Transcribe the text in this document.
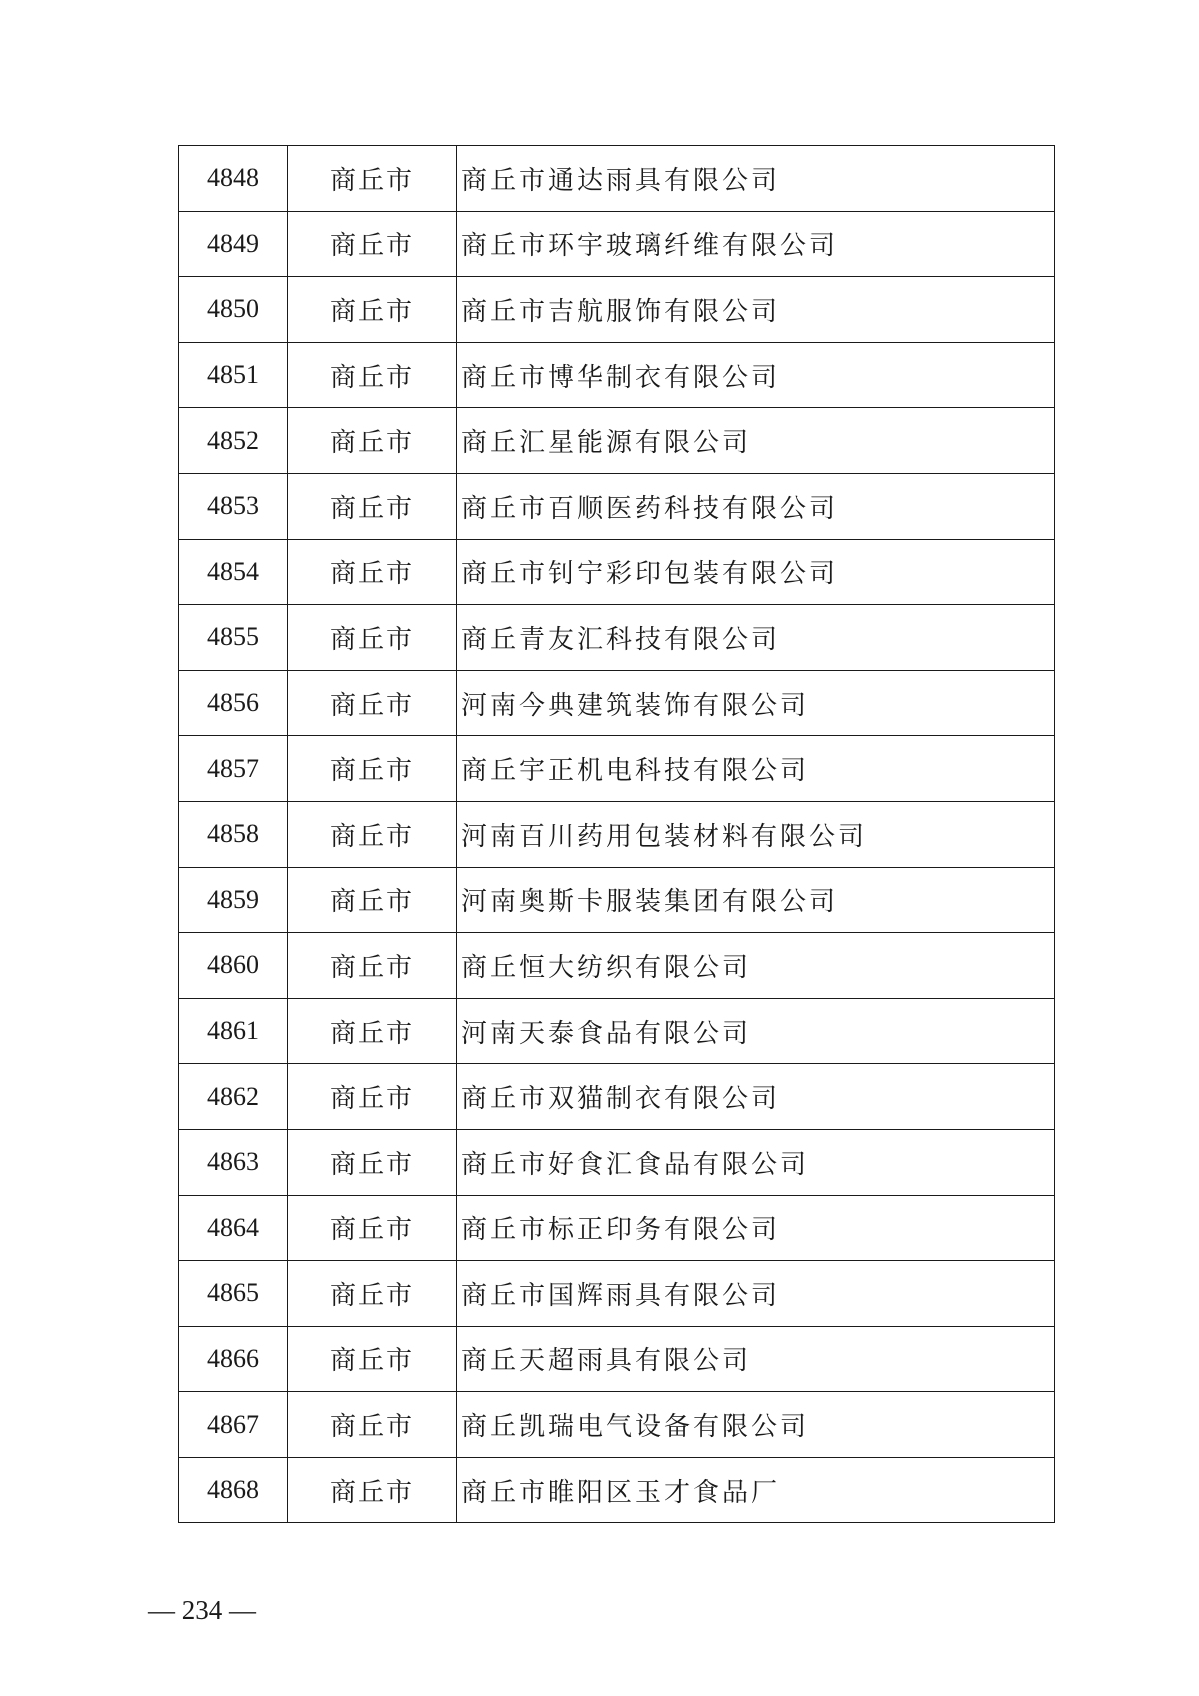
4848	商丘市	商丘市通达雨具有限公司
4849	商丘市	商丘市环宇玻璃纤维有限公司
4850	商丘市	商丘市吉航服饰有限公司
4851	商丘市	商丘市博华制衣有限公司
4852	商丘市	商丘汇星能源有限公司
4853	商丘市	商丘市百顺医药科技有限公司
4854	商丘市	商丘市钊宁彩印包装有限公司
4855	商丘市	商丘青友汇科技有限公司
4856	商丘市	河南今典建筑装饰有限公司
4857	商丘市	商丘宇正机电科技有限公司
4858	商丘市	河南百川药用包装材料有限公司
4859	商丘市	河南奥斯卡服装集团有限公司
4860	商丘市	商丘恒大纺织有限公司
4861	商丘市	河南天泰食品有限公司
4862	商丘市	商丘市双猫制衣有限公司
4863	商丘市	商丘市好食汇食品有限公司
4864	商丘市	商丘市标正印务有限公司
4865	商丘市	商丘市国辉雨具有限公司
4866	商丘市	商丘天超雨具有限公司
4867	商丘市	商丘凯瑞电气设备有限公司
4868	商丘市	商丘市睢阳区玉才食品厂
— 234 —
